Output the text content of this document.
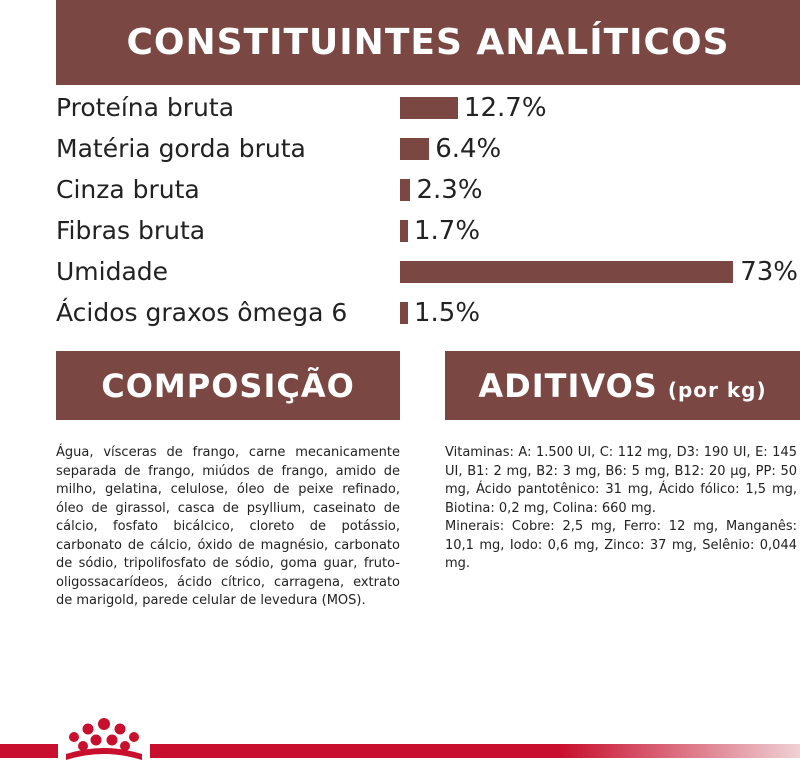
CONSTITUINTES ANALÍTICOS
Proteína bruta	12.7%
Matéria gorda bruta	6.4%
Cinza bruta	2.3%
Fibras bruta	1.7%
Umidade	73%
Ácidos graxos ômega 6	1.5%
COMPOSIÇÃO	ADITIVOS (por kg)
Água, vísceras de frango, carne mecanicamente separada de frango, miúdos de frango, amido de milho, gelatina, celulose, óleo de peixe refinado, óleo de girassol, casca de psyllium, caseinato de cálcio, fosfato bicálcico, cloreto de potássio, carbonato de cálcio, óxido de magnésio, carbonato de sódio, tripolifosfato de sódio, goma guar, fruto-oligossacarídeos, ácido cítrico, carragena, extrato de marigold, parede celular de levedura (MOS).

Vitaminas: A: 1.500 UI, C: 112 mg, D3: 190 UI, E: 145 UI, B1: 2 mg, B2: 3 mg, B6: 5 mg, B12: 20 µg, PP: 50 mg, Ácido pantotênico: 31 mg, Ácido fólico: 1,5 mg, Biotina: 0,2 mg, Colina: 660 mg.

Minerais: Cobre: 2,5 mg, Ferro: 12 mg, Manganês: 10,1 mg, Iodo: 0,6 mg, Zinco: 37 mg, Selênio: 0,044 mg.
